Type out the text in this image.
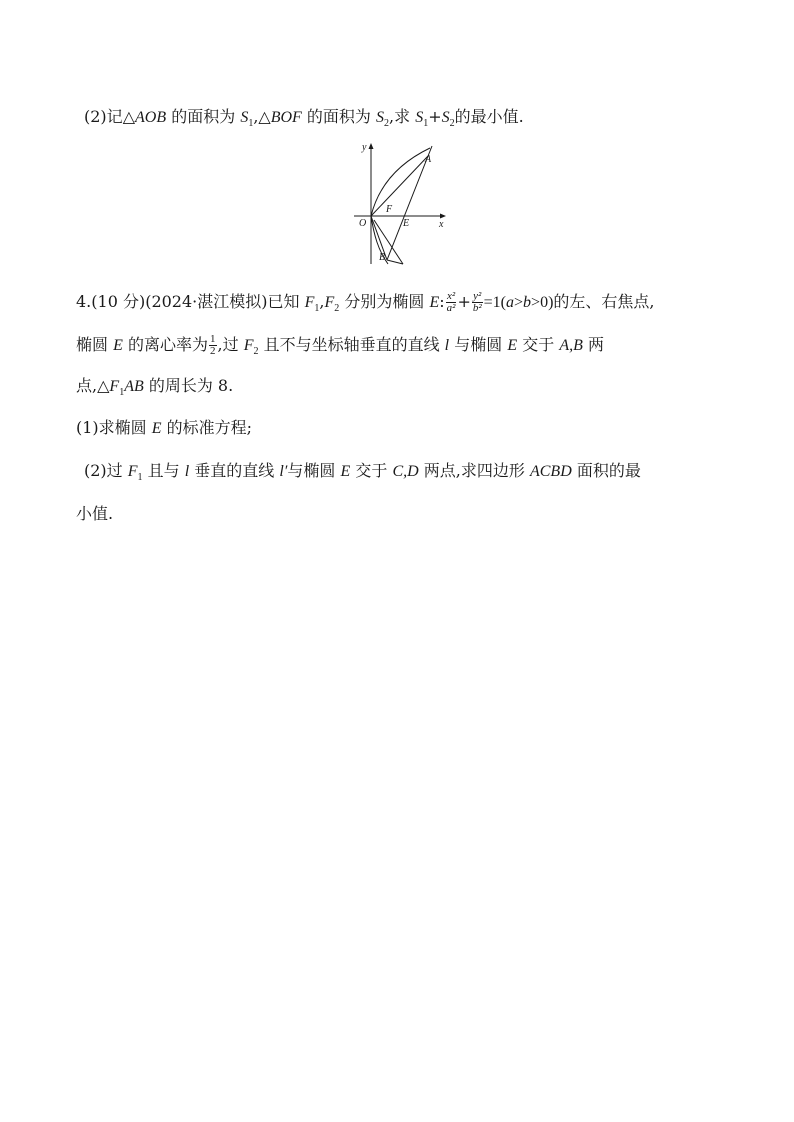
(2)记△AOB 的面积为 $S_1,\triangle BOF$ 的面积为 $S_2$,求 $S_1+S_2$的最小值.
y
x
A
B
O
F
E
4.(10 分)(2024·湛江模拟)已知 $F_1,F_2$ 分别为椭圆 E: $\frac{\text{x²}}{\text{a²}} + \frac{\text{y²}}{\text{b²}} =1(a>b>0)$的左、右焦点,
椭圆 E 的离心率为 $\frac{1}{2}$ ,过 $F_2$ 且不与坐标轴垂直的直线 l 与椭圆 E 交于 A,B 两
点$,\triangle F_1AB$ 的周长为 8.
(1)求椭圆 E 的标准方程;
(2)过 $F_1$ 且与 l 垂直的直线 l′与椭圆 E 交于 C,D 两点,求四边形 ACBD 面积的最
小值.
